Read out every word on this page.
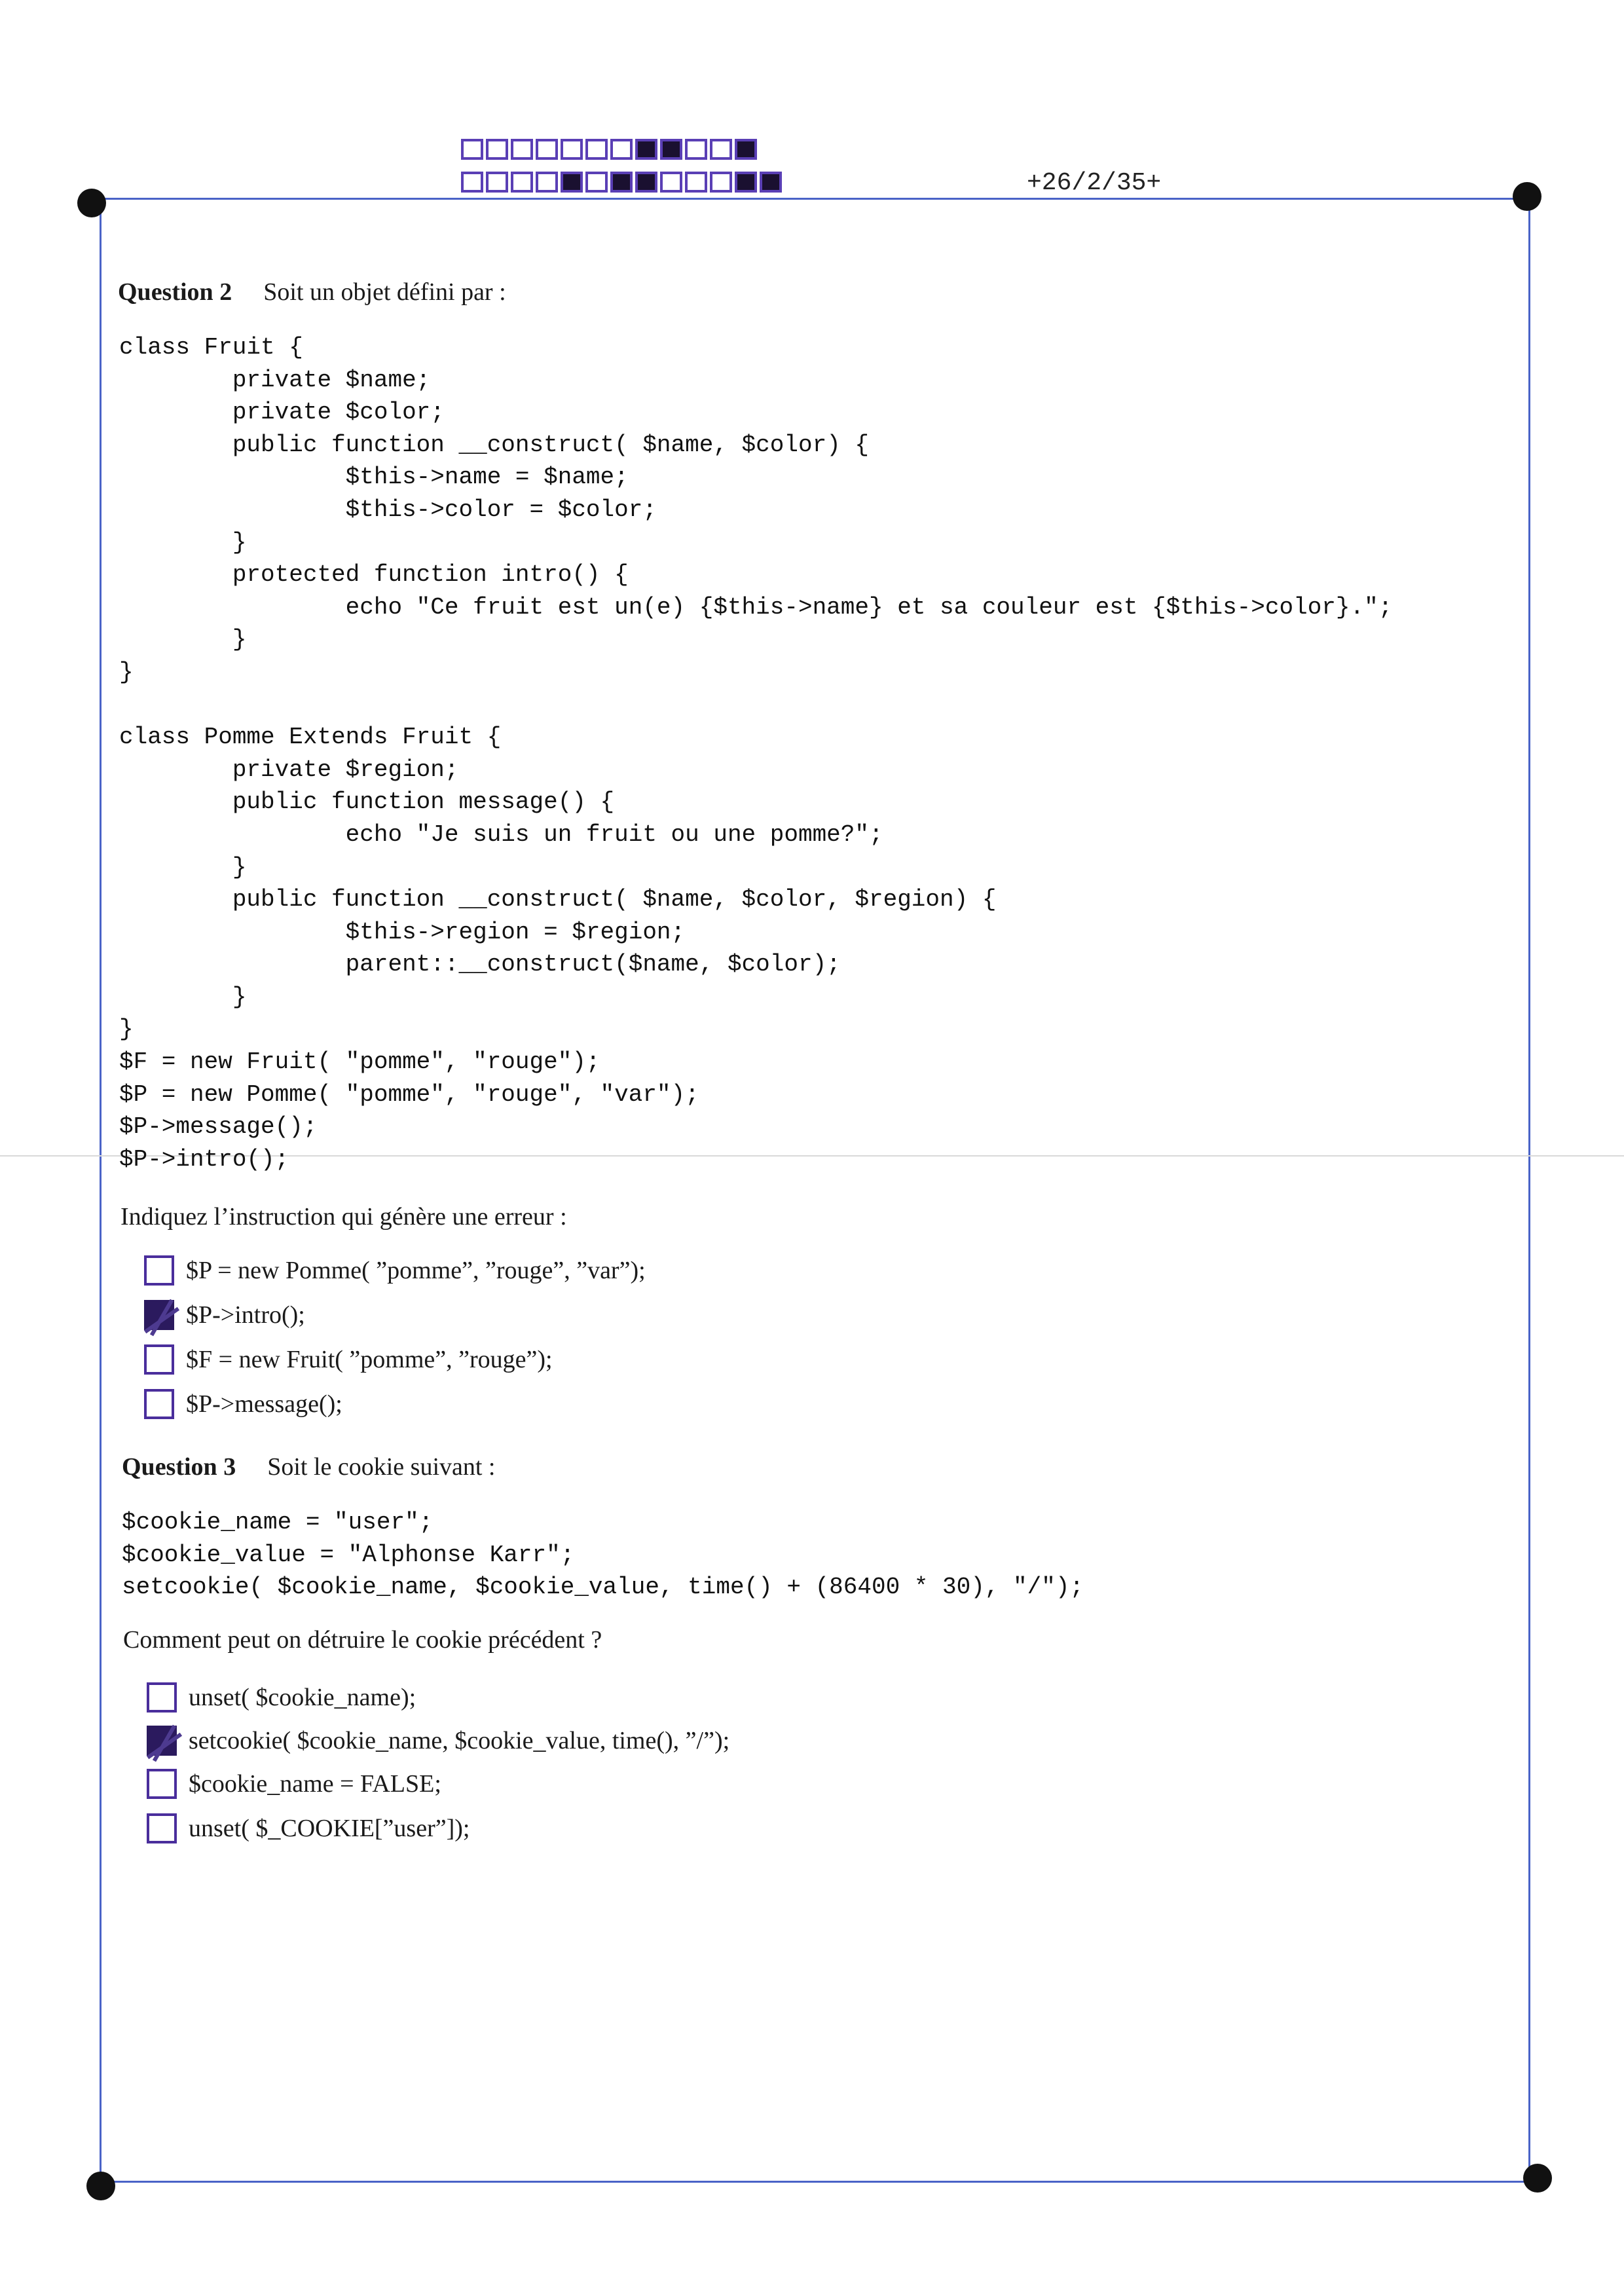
+26/2/35+
Question 2 Soit un objet défini par :
class Fruit {
private $name;
private $color;
public function __construct( $name, $color) {
$this->name = $name;
$this->color = $color;
}
protected function intro() {
echo "Ce fruit est un(e) {$this->name} et sa couleur est {$this->color}.";
}
}

class Pomme Extends Fruit {
private $region;
public function message() {
echo "Je suis un fruit ou une pomme?";
}
public function __construct( $name, $color, $region) {
$this->region = $region;
parent::__construct($name, $color);
}
}
$F = new Fruit( "pomme", "rouge");
$P = new Pomme( "pomme", "rouge", "var");
$P->message();
$P->intro();
Indiquez l’instruction qui génère une erreur :
$P = new Pomme( ”pomme”, ”rouge”, ”var”);
$P->intro();
$F = new Fruit( ”pomme”, ”rouge”);
$P->message();
Question 3 Soit le cookie suivant :
$cookie_name = "user";
$cookie_value = "Alphonse Karr";
setcookie( $cookie_name, $cookie_value, time() + (86400 * 30), "/");
Comment peut on détruire le cookie précédent ?
unset( $cookie_name);
setcookie( $cookie_name, $cookie_value, time(), ”/”);
$cookie_name = FALSE;
unset( $_COOKIE[”user”]);
